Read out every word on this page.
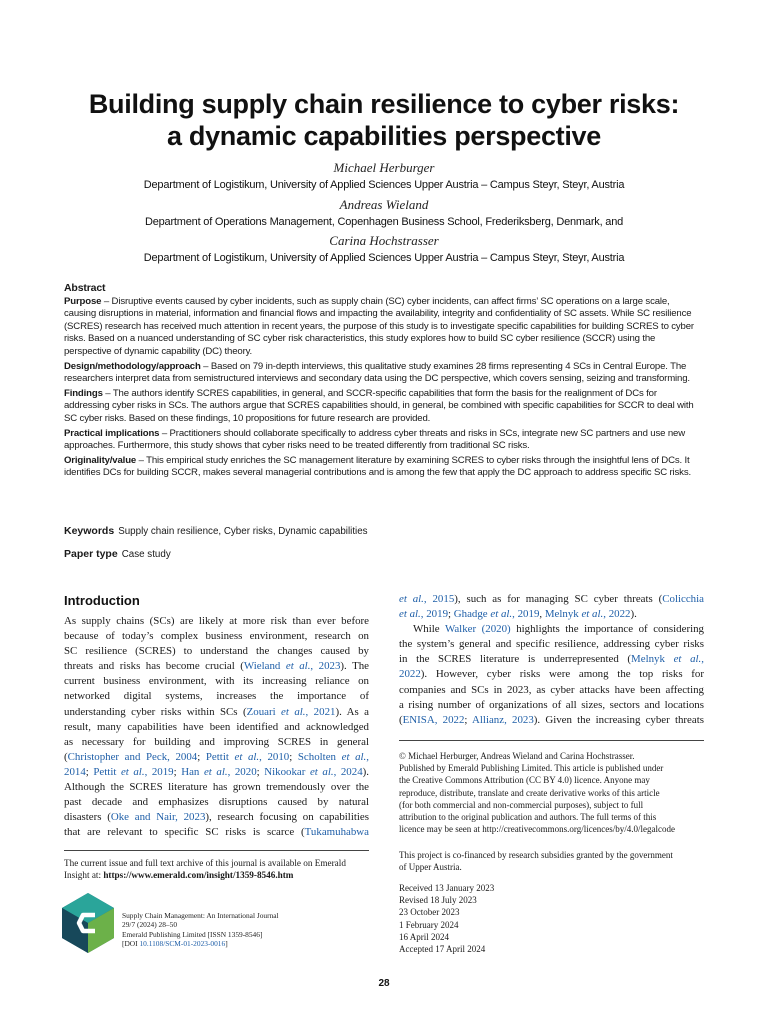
Building supply chain resilience to cyber risks:
a dynamic capabilities perspective
Michael Herburger
Department of Logistikum, University of Applied Sciences Upper Austria – Campus Steyr, Steyr, Austria
Andreas Wieland
Department of Operations Management, Copenhagen Business School, Frederiksberg, Denmark, and
Carina Hochstrasser
Department of Logistikum, University of Applied Sciences Upper Austria – Campus Steyr, Steyr, Austria
Abstract

Purpose – Disruptive events caused by cyber incidents, such as supply chain (SC) cyber incidents, can affect firms’ SC operations on a large scale, causing disruptions in material, information and financial flows and impacting the availability, integrity and confidentiality of SC assets. While SC resilience (SCRES) research has received much attention in recent years, the purpose of this study is to investigate specific capabilities for building SCRES to cyber risks. Based on a nuanced understanding of SC cyber risk characteristics, this study explores how to build SC cyber resilience (SCCR) using the perspective of dynamic capability (DC) theory.

Design/methodology/approach – Based on 79 in-depth interviews, this qualitative study examines 28 firms representing 4 SCs in Central Europe. The researchers interpret data from semistructured interviews and secondary data using the DC perspective, which covers sensing, seizing and transforming.

Findings – The authors identify SCRES capabilities, in general, and SCCR-specific capabilities that form the basis for the realignment of DCs for addressing cyber risks in SCs. The authors argue that SCRES capabilities should, in general, be combined with specific capabilities for SCCR to deal with SC cyber risks. Based on these findings, 10 propositions for future research are provided.

Practical implications – Practitioners should collaborate specifically to address cyber threats and risks in SCs, integrate new SC partners and use new approaches. Furthermore, this study shows that cyber risks need to be treated differently from traditional SC risks.

Originality/value – This empirical study enriches the SC management literature by examining SCRES to cyber risks through the insightful lens of DCs. It identifies DCs for building SCCR, makes several managerial contributions and is among the few that apply the DC approach to address specific SC risks.

Keywords Supply chain resilience, Cyber risks, Dynamic capabilities
Paper type Case study
Introduction
As supply chains (SCs) are likely at more risk than ever before
because of today’s complex business environment, research on
SC resilience (SCRES) to understand the changes caused by
threats and risks has become crucial (Wieland et al., 2023). The
current business environment, with its increasing reliance on
networked digital systems, increases the importance of
understanding cyber risks within SCs (Zouari et al., 2021). As a
result, many capabilities have been identified and acknowledged
as necessary for building and improving SCRES in general
(Christopher and Peck, 2004; Pettit et al., 2010; Scholten et al.,
2014; Pettit et al., 2019; Han et al., 2020; Nikookar et al., 2024).
Although the SCRES literature has grown tremendously over the
past decade and emphasizes disruptions caused by natural
disasters (Oke and Nair, 2023), research focusing on capabilities
that are relevant to specific SC risks is scarce (Tukamuhabwa
The current issue and full text archive of this journal is available on Emerald
Insight at: https://www.emerald.com/insight/1359-8546.htm
Supply Chain Management: An International Journal
29/7 (2024) 28–50
Emerald Publishing Limited [ISSN 1359-8546]
[DOI 10.1108/SCM-01-2023-0016]
et al., 2015), such as for managing SC cyber threats (Colicchia
et al., 2019; Ghadge et al., 2019, Melnyk et al., 2022).
While Walker (2020) highlights the importance of considering
the system’s general and specific resilience, addressing cyber risks
in the SCRES literature is underrepresented (Melnyk et al.,
2022). However, cyber risks were among the top risks for
companies and SCs in 2023, as cyber attacks have been affecting
a rising number of organizations of all sizes, sectors and locations
(ENISA, 2022; Allianz, 2023). Given the increasing cyber threats
© Michael Herburger, Andreas Wieland and Carina Hochstrasser.
Published by Emerald Publishing Limited. This article is published under
the Creative Commons Attribution (CC BY 4.0) licence. Anyone may
reproduce, distribute, translate and create derivative works of this article
(for both commercial and non-commercial purposes), subject to full
attribution to the original publication and authors. The full terms of this
licence may be seen at http://creativecommons.org/licences/by/4.0/legalcode
This project is co-financed by research subsidies granted by the government
of Upper Austria.
Received 13 January 2023
Revised 18 July 2023
23 October 2023
1 February 2024
16 April 2024
Accepted 17 April 2024
28
